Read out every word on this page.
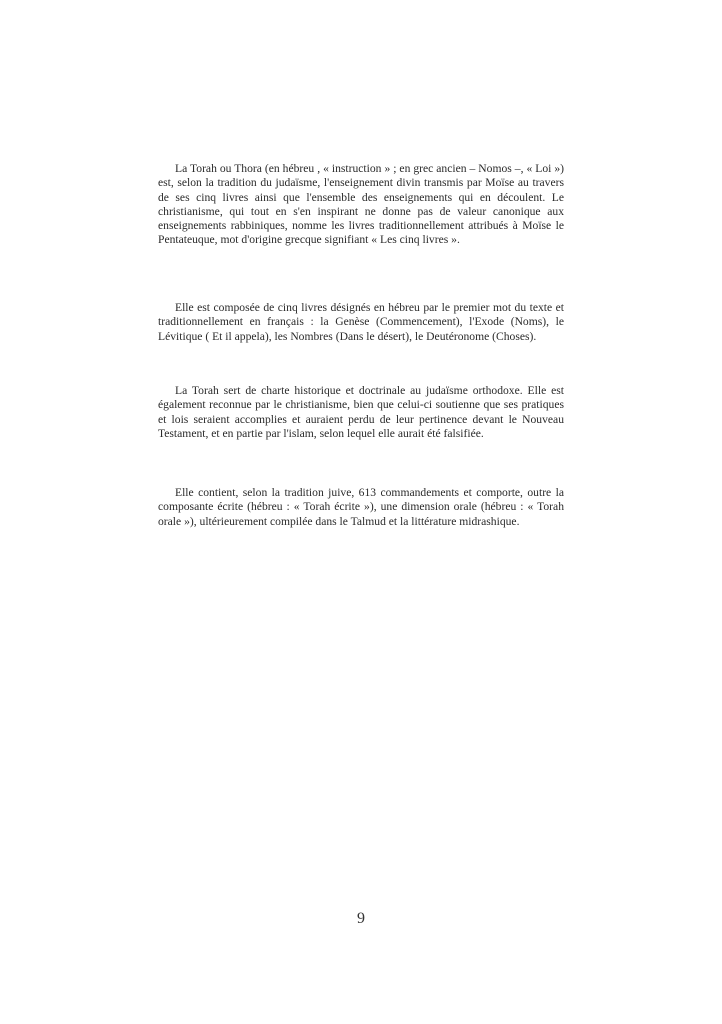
La Torah ou Thora (en hébreu , « instruction » ; en grec ancien – Nomos –, « Loi ») est, selon la tradition du judaïsme, l'enseignement divin transmis par Moïse au travers de ses cinq livres ainsi que l'ensemble des enseignements qui en découlent. Le christianisme, qui tout en s'en inspirant ne donne pas de valeur canonique aux enseignements rabbiniques, nomme les livres traditionnellement attribués à Moïse le Pentateuque, mot d'origine grecque signifiant « Les cinq livres ».

Elle est composée de cinq livres désignés en hébreu par le premier mot du texte et traditionnellement en français : la Genèse (Commencement), l'Exode (Noms), le Lévitique ( Et il appela), les Nombres (Dans le désert), le Deutéronome (Choses).

La Torah sert de charte historique et doctrinale au judaïsme orthodoxe. Elle est également reconnue par le christianisme, bien que celui-ci soutienne que ses pratiques et lois seraient accomplies et auraient perdu de leur pertinence devant le Nouveau Testament, et en partie par l'islam, selon lequel elle aurait été falsifiée.

Elle contient, selon la tradition juive, 613 commandements et comporte, outre la composante écrite (hébreu : « Torah écrite »), une dimension orale (hébreu : « Torah orale »), ultérieurement compilée dans le Talmud et la littérature midrashique.

9
